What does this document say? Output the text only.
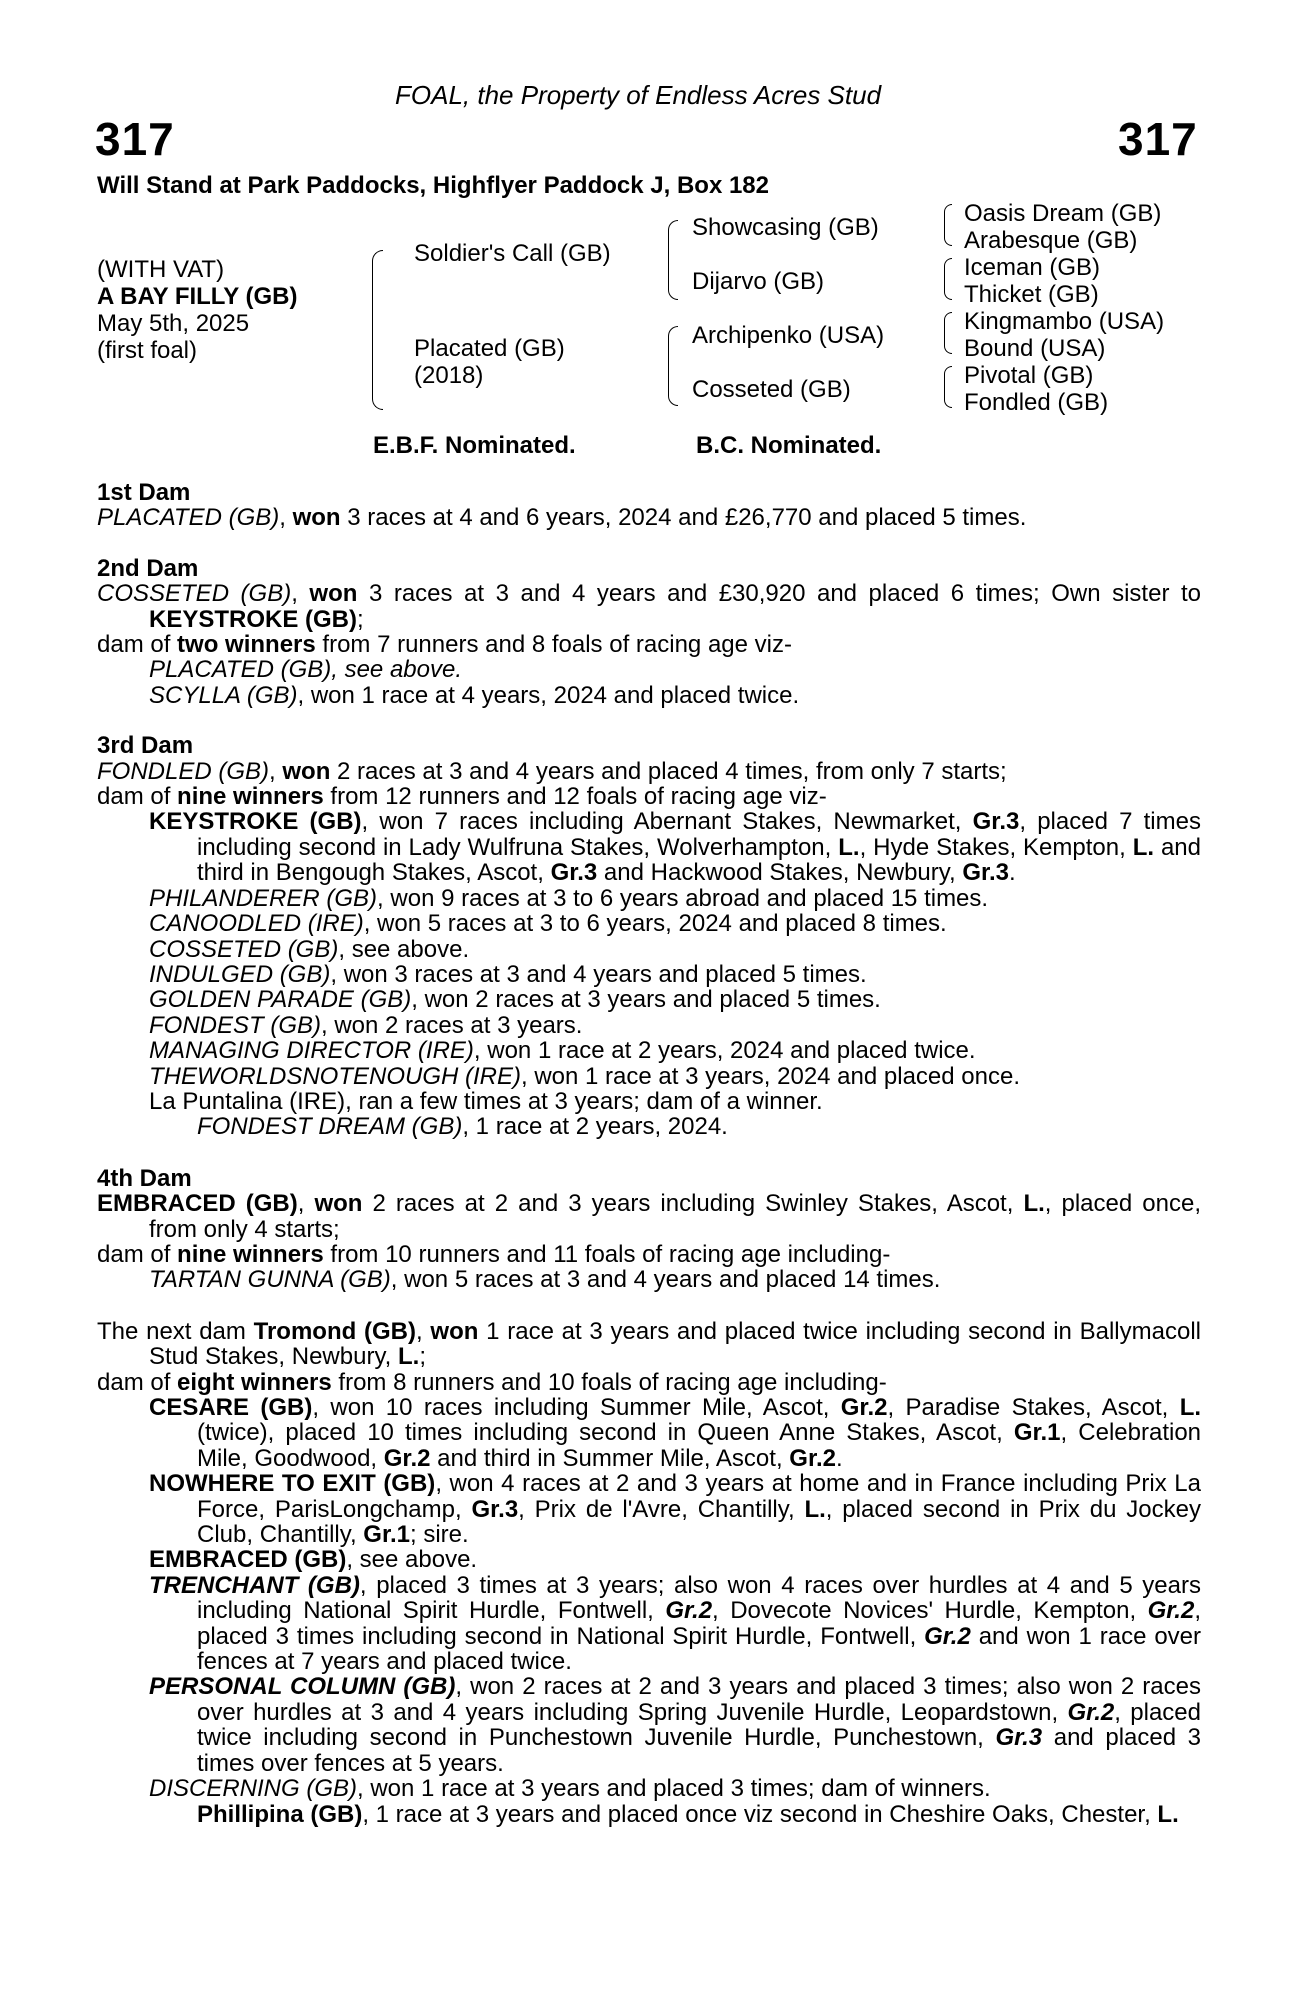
FOAL, the Property of Endless Acres Stud
317	317
Will Stand at Park Paddocks, Highflyer Paddock J, Box 182
(WITH VAT)
A BAY FILLY (GB)
May 5th, 2025
(first foal)
Soldier's Call (GB)
Placated (GB)
(2018)
Showcasing (GB)
Dijarvo (GB)
Archipenko (USA)
Cosseted (GB)
Oasis Dream (GB)
Arabesque (GB)
Iceman (GB)
Thicket (GB)
Kingmambo (USA)
Bound (USA)
Pivotal (GB)
Fondled (GB)
E.B.F. Nominated.	B.C. Nominated.

1st Dam

PLACATED (GB), won 3 races at 4 and 6 years, 2024 and £26,770 and placed 5 times.

2nd Dam

COSSETED (GB), won 3 races at 3 and 4 years and £30,920 and placed 6 times; Own sister to KEYSTROKE (GB);

dam of two winners from 7 runners and 8 foals of racing age viz-

PLACATED (GB), see above.

SCYLLA (GB), won 1 race at 4 years, 2024 and placed twice.

3rd Dam

FONDLED (GB), won 2 races at 3 and 4 years and placed 4 times, from only 7 starts;

dam of nine winners from 12 runners and 12 foals of racing age viz-

KEYSTROKE (GB), won 7 races including Abernant Stakes, Newmarket, Gr.3, placed 7 times including second in Lady Wulfruna Stakes, Wolverhampton, L., Hyde Stakes, Kempton, L. and third in Bengough Stakes, Ascot, Gr.3 and Hackwood Stakes, Newbury, Gr.3.

PHILANDERER (GB), won 9 races at 3 to 6 years abroad and placed 15 times.

CANOODLED (IRE), won 5 races at 3 to 6 years, 2024 and placed 8 times.

COSSETED (GB), see above.

INDULGED (GB), won 3 races at 3 and 4 years and placed 5 times.

GOLDEN PARADE (GB), won 2 races at 3 years and placed 5 times.

FONDEST (GB), won 2 races at 3 years.

MANAGING DIRECTOR (IRE), won 1 race at 2 years, 2024 and placed twice.

THEWORLDSNOTENOUGH (IRE), won 1 race at 3 years, 2024 and placed once.

La Puntalina (IRE), ran a few times at 3 years; dam of a winner.

FONDEST DREAM (GB), 1 race at 2 years, 2024.

4th Dam

EMBRACED (GB), won 2 races at 2 and 3 years including Swinley Stakes, Ascot, L., placed once, from only 4 starts;

dam of nine winners from 10 runners and 11 foals of racing age including-

TARTAN GUNNA (GB), won 5 races at 3 and 4 years and placed 14 times.

The next dam Tromond (GB), won 1 race at 3 years and placed twice including second in Ballymacoll Stud Stakes, Newbury, L.;

dam of eight winners from 8 runners and 10 foals of racing age including-

CESARE (GB), won 10 races including Summer Mile, Ascot, Gr.2, Paradise Stakes, Ascot, L. (twice), placed 10 times including second in Queen Anne Stakes, Ascot, Gr.1, Celebration Mile, Goodwood, Gr.2 and third in Summer Mile, Ascot, Gr.2.

NOWHERE TO EXIT (GB), won 4 races at 2 and 3 years at home and in France including Prix La Force, ParisLongchamp, Gr.3, Prix de l'Avre, Chantilly, L., placed second in Prix du Jockey Club, Chantilly, Gr.1; sire.

EMBRACED (GB), see above.

TRENCHANT (GB), placed 3 times at 3 years; also won 4 races over hurdles at 4 and 5 years including National Spirit Hurdle, Fontwell, Gr.2, Dovecote Novices' Hurdle, Kempton, Gr.2, placed 3 times including second in National Spirit Hurdle, Fontwell, Gr.2 and won 1 race over fences at 7 years and placed twice.

PERSONAL COLUMN (GB), won 2 races at 2 and 3 years and placed 3 times; also won 2 races over hurdles at 3 and 4 years including Spring Juvenile Hurdle, Leopardstown, Gr.2, placed twice including second in Punchestown Juvenile Hurdle, Punchestown, Gr.3 and placed 3 times over fences at 5 years.

DISCERNING (GB), won 1 race at 3 years and placed 3 times; dam of winners.

Phillipina (GB), 1 race at 3 years and placed once viz second in Cheshire Oaks, Chester, L.
